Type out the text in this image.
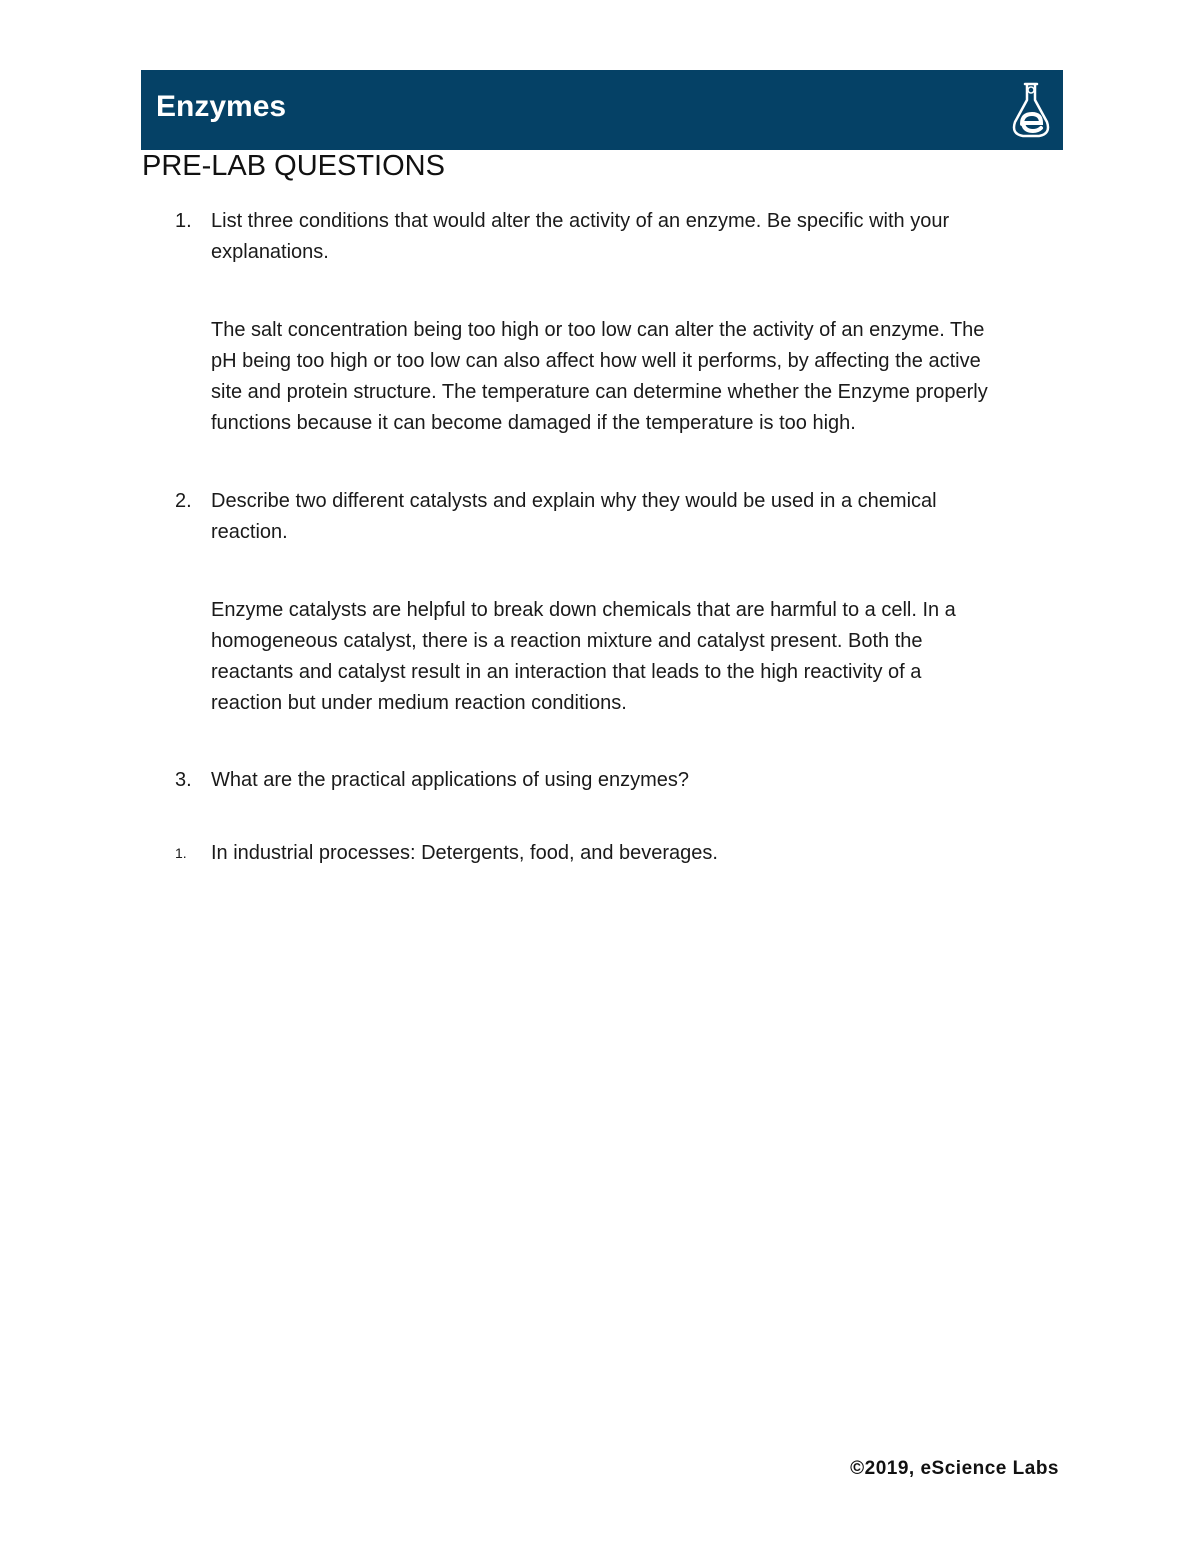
Enzymes
PRE-LAB QUESTIONS
1. List three conditions that would alter the activity of an enzyme. Be specific with your
explanations.
The salt concentration being too high or too low can alter the activity of an enzyme. The
pH being too high or too low can also affect how well it performs, by affecting the active
site and protein structure. The temperature can determine whether the Enzyme properly
functions because it can become damaged if the temperature is too high.
2. Describe two different catalysts and explain why they would be used in a chemical
reaction.
Enzyme catalysts are helpful to break down chemicals that are harmful to a cell. In a
homogeneous catalyst, there is a reaction mixture and catalyst present. Both the
reactants and catalyst result in an interaction that leads to the high reactivity of a
reaction but under medium reaction conditions.
3. What are the practical applications of using enzymes?
1. In industrial processes: Detergents, food, and beverages.
©2019, eScience Labs
